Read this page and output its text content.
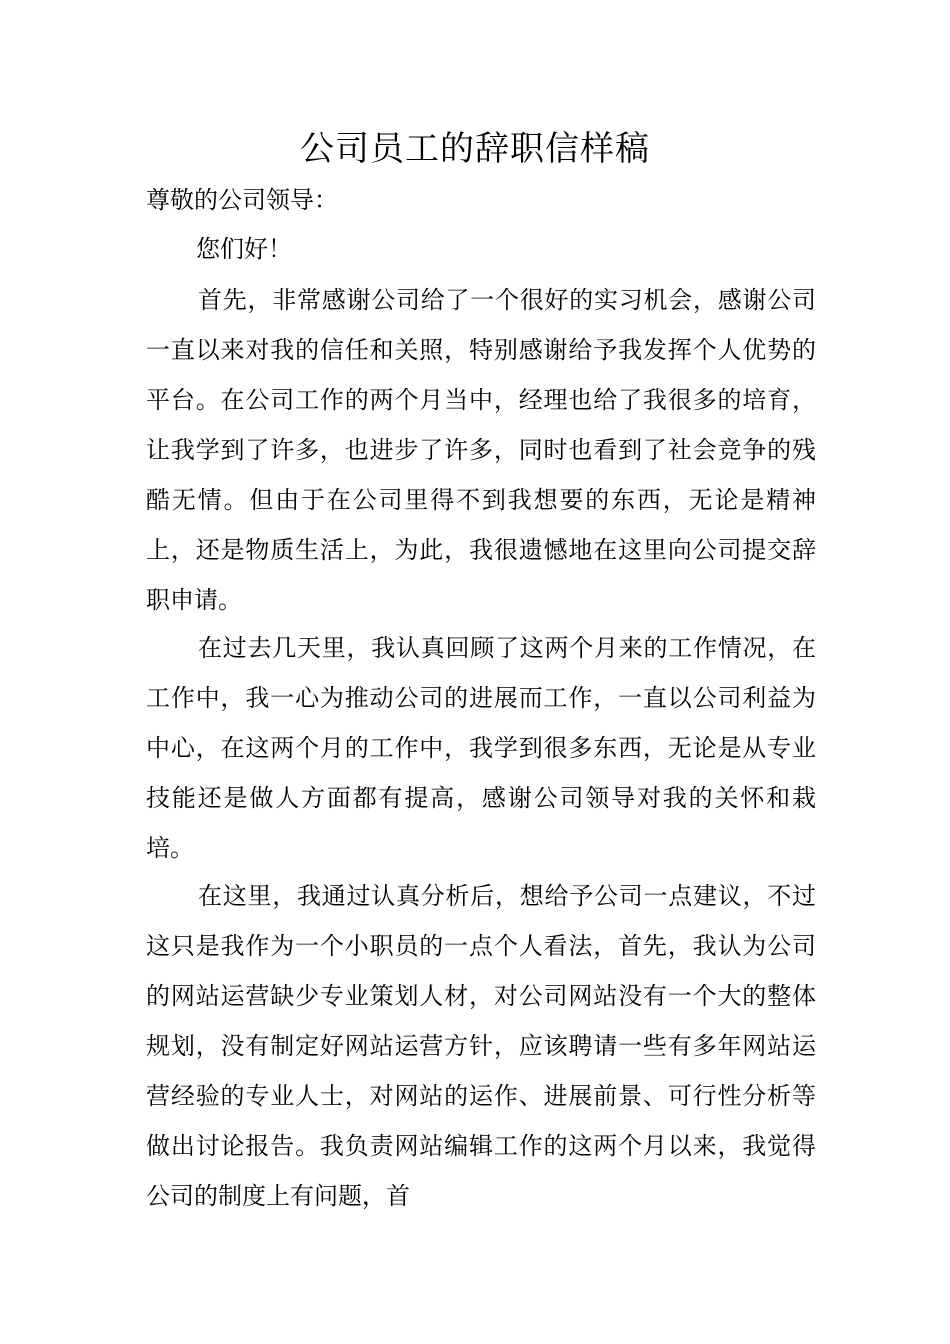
公司员工的辞职信样稿

尊敬的公司领导：

您们好！

首先，非常感谢公司给了一个很好的实习机会，感谢公司一直以来对我的信任和关照，特别感谢给予我发挥个人优势的平台。在公司工作的两个月当中，经理也给了我很多的培育，让我学到了许多，也进步了许多，同时也看到了社会竞争的残酷无情。但由于在公司里得不到我想要的东西，无论是精神上，还是物质生活上，为此，我很遗憾地在这里向公司提交辞职申请。

在过去几天里，我认真回顾了这两个月来的工作情况，在工作中，我一心为推动公司的进展而工作，一直以公司利益为中心，在这两个月的工作中，我学到很多东西，无论是从专业技能还是做人方面都有提高，感谢公司领导对我的关怀和栽培。

在这里，我通过认真分析后，想给予公司一点建议，不过这只是我作为一个小职员的一点个人看法，首先，我认为公司的网站运营缺少专业策划人材，对公司网站没有一个大的整体规划，没有制定好网站运营方针，应该聘请一些有多年网站运营经验的专业人士，对网站的运作、进展前景、可行性分析等做出讨论报告。我负责网站编辑工作的这两个月以来，我觉得公司的制度上有问题，首
